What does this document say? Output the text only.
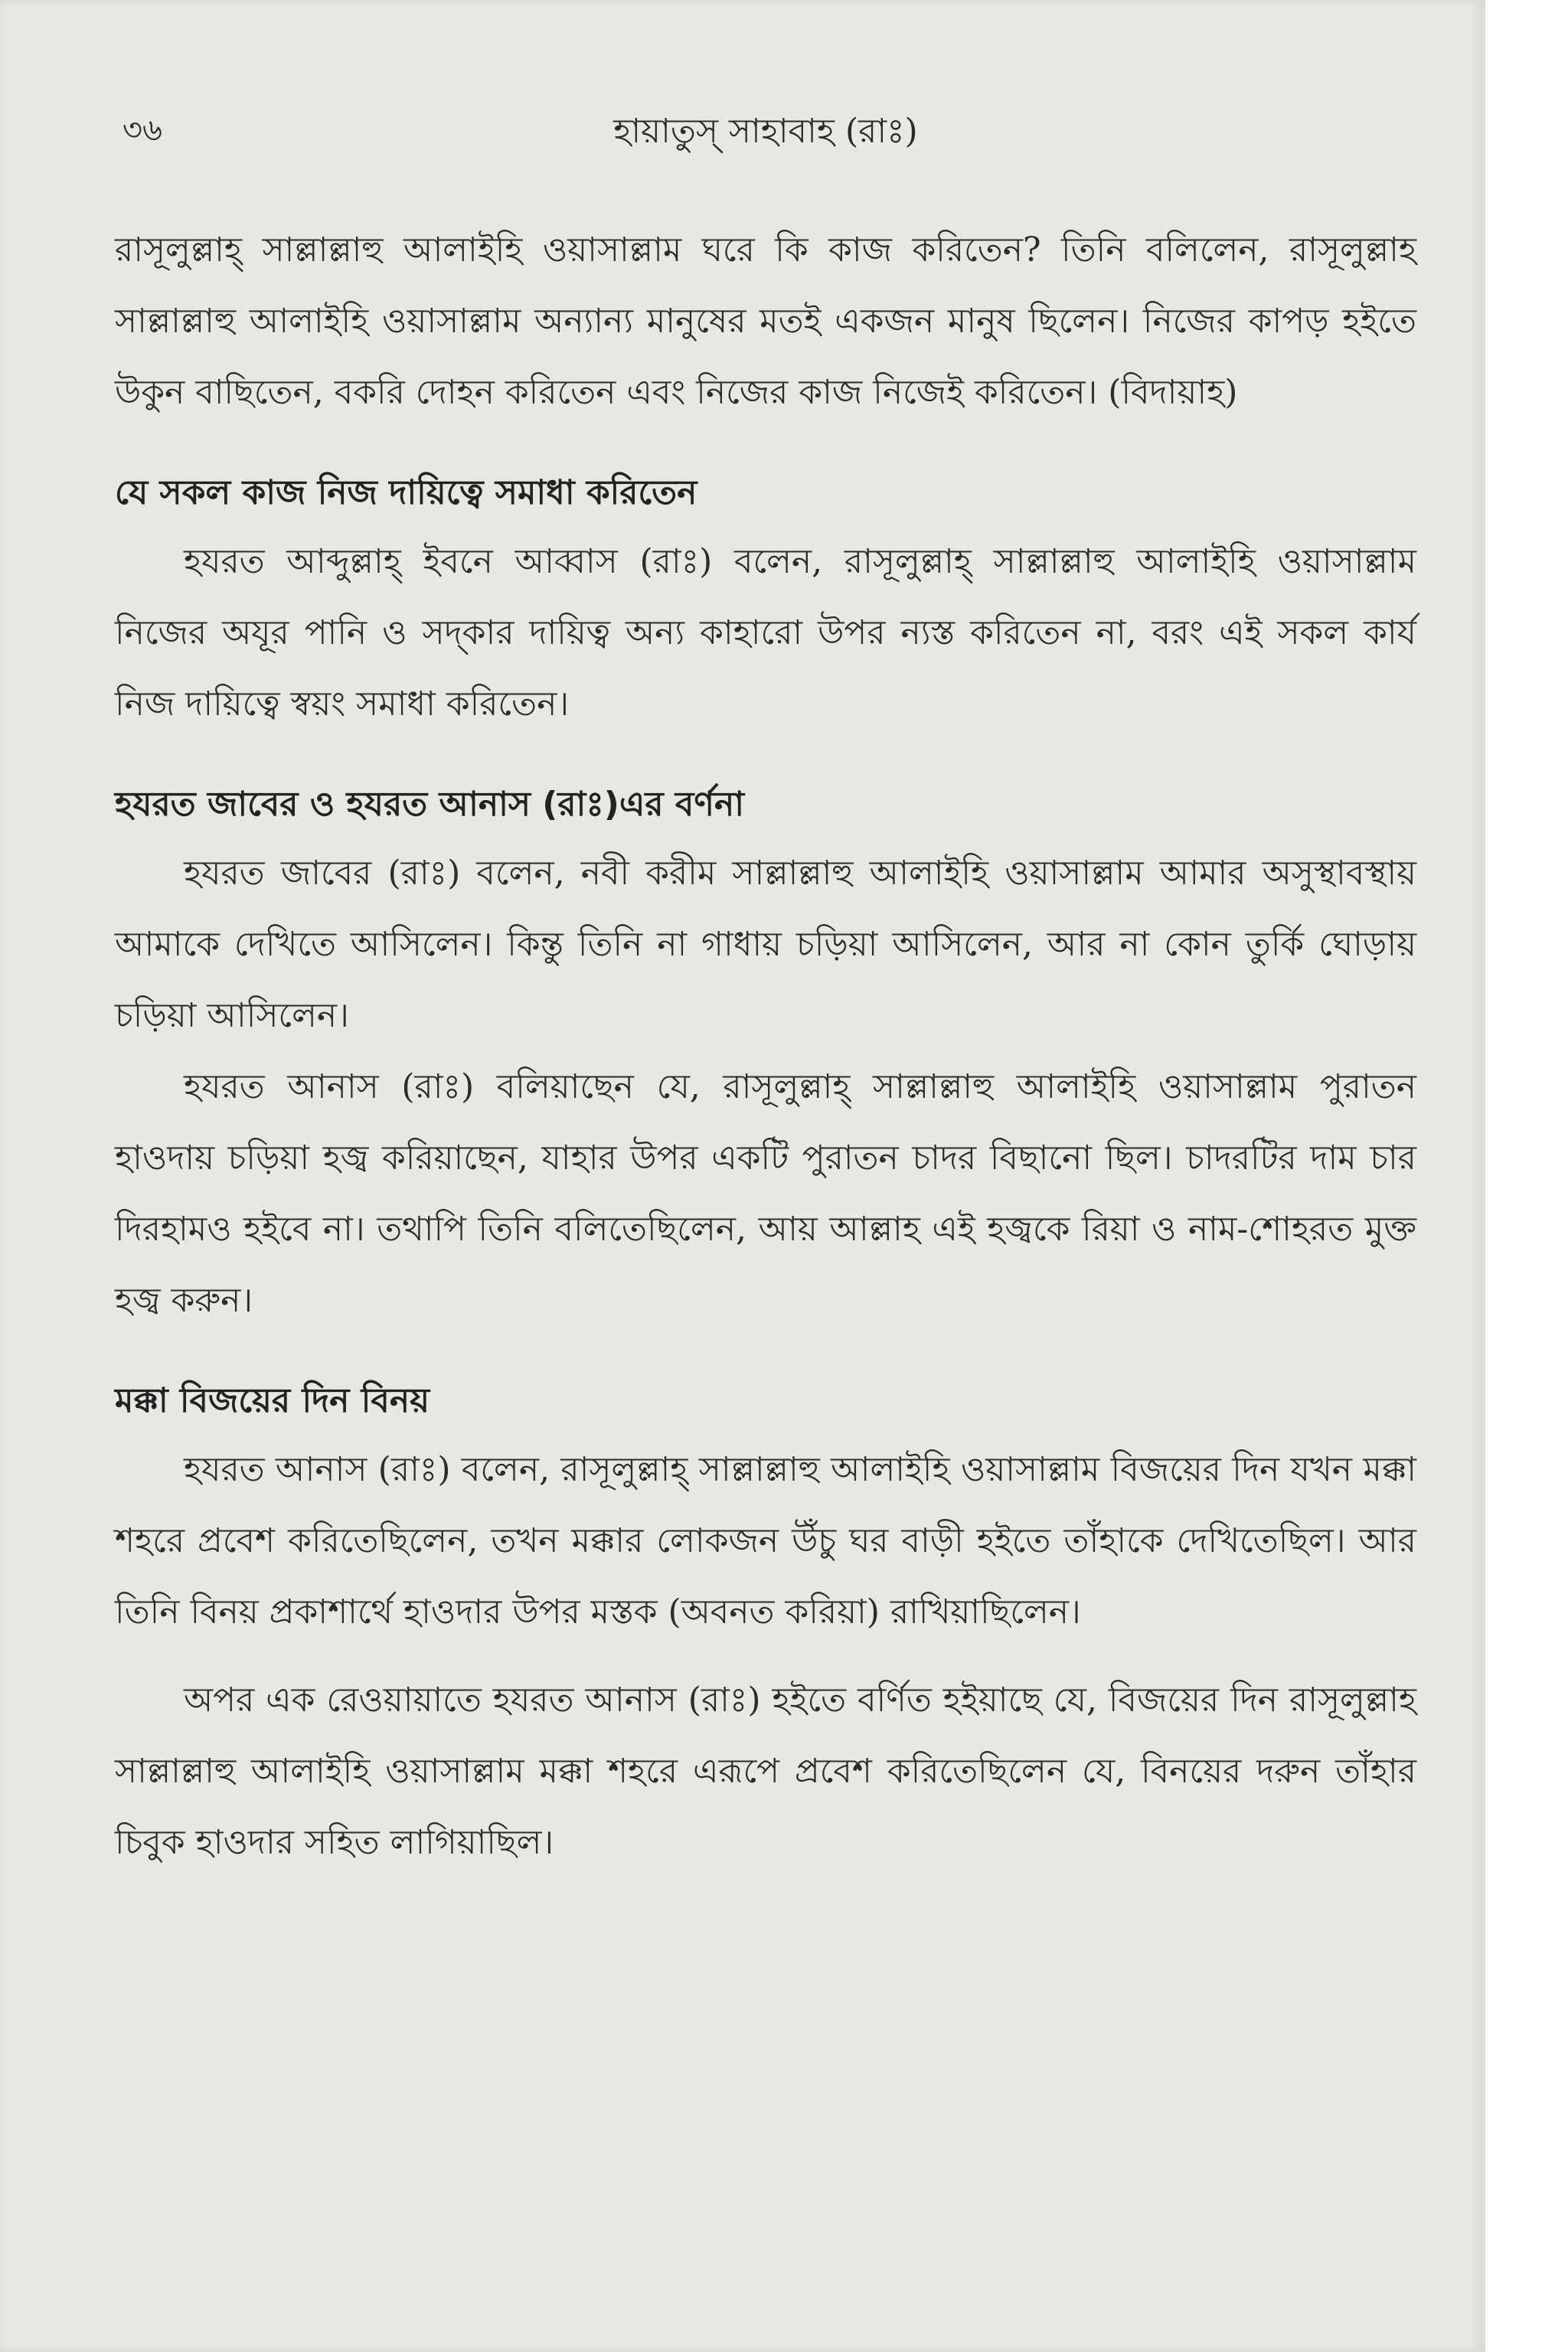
৩৬	হায়াতুস্ সাহাবাহ (রাঃ)

রাসূলুল্লাহ্ সাল্লাল্লাহু আলাইহি ওয়াসাল্লাম ঘরে কি কাজ করিতেন? তিনি বলিলেন, রাসূলুল্লাহ সাল্লাল্লাহু আলাইহি ওয়াসাল্লাম অন্যান্য মানুষের মতই একজন মানুষ ছিলেন। নিজের কাপড় হইতে উকুন বাছিতেন, বকরি দোহন করিতেন এবং নিজের কাজ নিজেই করিতেন। (বিদায়াহ)

যে সকল কাজ নিজ দায়িত্বে সমাধা করিতেন

হযরত আব্দুল্লাহ্ ইবনে আব্বাস (রাঃ) বলেন, রাসূলুল্লাহ্ সাল্লাল্লাহু আলাইহি ওয়াসাল্লাম নিজের অযূর পানি ও সদ্কার দায়িত্ব অন্য কাহারো উপর ন্যস্ত করিতেন না, বরং এই সকল কার্য নিজ দায়িত্বে স্বয়ং সমাধা করিতেন।

হযরত জাবের ও হযরত আনাস (রাঃ)এর বর্ণনা

হযরত জাবের (রাঃ) বলেন, নবী করীম সাল্লাল্লাহু আলাইহি ওয়াসাল্লাম আমার অসুস্থাবস্থায় আমাকে দেখিতে আসিলেন। কিন্তু তিনি না গাধায় চড়িয়া আসিলেন, আর না কোন তুর্কি ঘোড়ায় চড়িয়া আসিলেন।

হযরত আনাস (রাঃ) বলিয়াছেন যে, রাসূলুল্লাহ্ সাল্লাল্লাহু আলাইহি ওয়াসাল্লাম পুরাতন হাওদায় চড়িয়া হজ্ব করিয়াছেন, যাহার উপর একটি পুরাতন চাদর বিছানো ছিল। চাদরটির দাম চার দিরহামও হইবে না। তথাপি তিনি বলিতেছিলেন, আয় আল্লাহ এই হজ্বকে রিয়া ও নাম-শোহরত মুক্ত হজ্ব করুন।

মক্কা বিজয়ের দিন বিনয়

হযরত আনাস (রাঃ) বলেন, রাসূলুল্লাহ্ সাল্লাল্লাহু আলাইহি ওয়াসাল্লাম বিজয়ের দিন যখন মক্কা শহরে প্রবেশ করিতেছিলেন, তখন মক্কার লোকজন উঁচু ঘর বাড়ী হইতে তাঁহাকে দেখিতেছিল। আর তিনি বিনয় প্রকাশার্থে হাওদার উপর মস্তক (অবনত করিয়া) রাখিয়াছিলেন।

অপর এক রেওয়ায়াতে হযরত আনাস (রাঃ) হইতে বর্ণিত হইয়াছে যে, বিজয়ের দিন রাসূলুল্লাহ সাল্লাল্লাহু আলাইহি ওয়াসাল্লাম মক্কা শহরে এরূপে প্রবেশ করিতেছিলেন যে, বিনয়ের দরুন তাঁহার চিবুক হাওদার সহিত লাগিয়াছিল।
